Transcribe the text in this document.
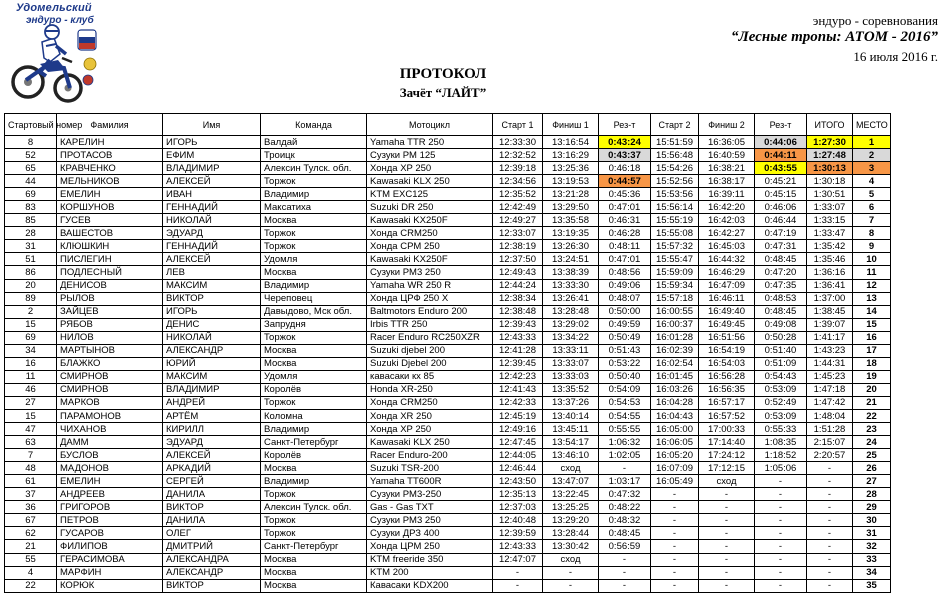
Удомельский
эндуро - клуб	эндуро - соревнования
“Лесные тропы: АТОМ - 2016”
16 июля 2016 г.
ПРОТОКОЛ
Зачёт “ЛАЙТ”
Стартовый номер	Фамилия	Имя	Команда	Мотоцикл	Старт 1	Финиш 1	Рез-т	Старт 2	Финиш 2	Рез-т	ИТОГО	МЕСТО
8	КАРЕЛИН	ИГОРЬ	Валдай	Yamaha TTR 250	12:33:30	13:16:54	0:43:24	15:51:59	16:36:05	0:44:06	1:27:30	1
52	ПРОТАСОВ	ЕФИМ	Троицк	Сузуки PM 125	12:32:52	13:16:29	0:43:37	15:56:48	16:40:59	0:44:11	1:27:48	2
65	КРАВЧЕНКО	ВЛАДИМИР	Алексин Тулск. обл.	Хонда XP 250	12:39:18	13:25:36	0:46:18	15:54:26	16:38:21	0:43:55	1:30:13	3
44	МЕЛЬНИКОВ	АЛЕКСЕЙ	Торжок	Kawasaki KLX 250	12:34:56	13:19:53	0:44:57	15:52:56	16:38:17	0:45:21	1:30:18	4
69	ЕМЕЛИН	ИВАН	Владимир	KTM EXC125	12:35:52	13:21:28	0:45:36	15:53:56	16:39:11	0:45:15	1:30:51	5
83	КОРШУНОВ	ГЕННАДИЙ	Максатиха	Suzuki DR 250	12:42:49	13:29:50	0:47:01	15:56:14	16:42:20	0:46:06	1:33:07	6
85	ГУСЕВ	НИКОЛАЙ	Москва	Kawasaki KX250F	12:49:27	13:35:58	0:46:31	15:55:19	16:42:03	0:46:44	1:33:15	7
28	ВАШЕСТОВ	ЭДУАРД	Торжок	Хонда CRM250	12:33:07	13:19:35	0:46:28	15:55:08	16:42:27	0:47:19	1:33:47	8
31	КЛЮШКИН	ГЕННАДИЙ	Торжок	Хонда CPM 250	12:38:19	13:26:30	0:48:11	15:57:32	16:45:03	0:47:31	1:35:42	9
51	ПИСЛЕГИН	АЛЕКСЕЙ	Удомля	Kawasaki KX250F	12:37:50	13:24:51	0:47:01	15:55:47	16:44:32	0:48:45	1:35:46	10
86	ПОДЛЕСНЫЙ	ЛЕВ	Москва	Сузуки PM3 250	12:49:43	13:38:39	0:48:56	15:59:09	16:46:29	0:47:20	1:36:16	11
20	ДЕНИСОВ	МАКСИМ	Владимир	Yamaha WR 250 R	12:44:24	13:33:30	0:49:06	15:59:34	16:47:09	0:47:35	1:36:41	12
89	РЫЛОВ	ВИКТОР	Череповец	Хонда ЦРФ 250 Х	12:38:34	13:26:41	0:48:07	15:57:18	16:46:11	0:48:53	1:37:00	13
2	ЗАЙЦЕВ	ИГОРЬ	Давыдово, Мск обл.	Baltmotors Enduro 200	12:38:48	13:28:48	0:50:00	16:00:55	16:49:40	0:48:45	1:38:45	14
15	РЯБОВ	ДЕНИС	Запрудня	Irbis TTR 250	12:39:43	13:29:02	0:49:59	16:00:37	16:49:45	0:49:08	1:39:07	15
69	НИЛОВ	НИКОЛАЙ	Торжок	Racer Enduro RC250XZR	12:43:33	13:34:22	0:50:49	16:01:28	16:51:56	0:50:28	1:41:17	16
34	МАРТЫНОВ	АЛЕКСАНДР	Москва	Suzuki djebel 200	12:41:28	13:33:11	0:51:43	16:02:39	16:54:19	0:51:40	1:43:23	17
16	БЛАЖКО	ЮРИЙ	Москва	Suzuki Djebel 200	12:39:45	13:33:07	0:53:22	16:02:54	16:54:03	0:51:09	1:44:31	18
11	СМИРНОВ	МАКСИМ	Удомля	кавасаки кх 85	12:42:23	13:33:03	0:50:40	16:01:45	16:56:28	0:54:43	1:45:23	19
46	СМИРНОВ	ВЛАДИМИР	Королёв	Honda XR-250	12:41:43	13:35:52	0:54:09	16:03:26	16:56:35	0:53:09	1:47:18	20
27	МАРКОВ	АНДРЕЙ	Торжок	Хонда CRM250	12:42:33	13:37:26	0:54:53	16:04:28	16:57:17	0:52:49	1:47:42	21
15	ПАРАМОНОВ	АРТЁМ	Коломна	Хонда XR 250	12:45:19	13:40:14	0:54:55	16:04:43	16:57:52	0:53:09	1:48:04	22
47	ЧИХАНОВ	КИРИЛЛ	Владимир	Хонда XP 250	12:49:16	13:45:11	0:55:55	16:05:00	17:00:33	0:55:33	1:51:28	23
63	ДАММ	ЭДУАРД	Санкт-Петербург	Kawasaki KLX 250	12:47:45	13:54:17	1:06:32	16:06:05	17:14:40	1:08:35	2:15:07	24
7	БУСЛОВ	АЛЕКСЕЙ	Королёв	Racer Enduro-200	12:44:05	13:46:10	1:02:05	16:05:20	17:24:12	1:18:52	2:20:57	25
48	МАДОНОВ	АРКАДИЙ	Москва	Suzuki TSR-200	12:46:44	сход	-	16:07:09	17:12:15	1:05:06	-	26
61	ЕМЕЛИН	СЕРГЕЙ	Владимир	Yamaha TT600R	12:43:50	13:47:07	1:03:17	16:05:49	сход	-	-	27
37	АНДРЕЕВ	ДАНИЛА	Торжок	Сузуки PM3-250	12:35:13	13:22:45	0:47:32	-	-	-	-	28
36	ГРИГОРОВ	ВИКТОР	Алексин Тулск. обл.	Gas - Gas TXT	12:37:03	13:25:25	0:48:22	-	-	-	-	29
67	ПЕТРОВ	ДАНИЛА	Торжок	Сузуки PM3 250	12:40:48	13:29:20	0:48:32	-	-	-	-	30
62	ГУСАРОВ	ОЛЕГ	Торжок	Сузуки ДРЗ 400	12:39:59	13:28:44	0:48:45	-	-	-	-	31
21	ФИЛИПОВ	ДМИТРИЙ	Санкт-Петербург	Хонда ЦРМ 250	12:43:33	13:30:42	0:56:59	-	-	-	-	32
55	ГЕРАСИМОВА	АЛЕКСАНДРА	Москва	KTM freeride 350	12:47:07	сход	-	-	-	-	-	33
4	МАРФИН	АЛЕКСАНДР	Москва	KTM 200	-	-	-	-	-	-	-	34
22	КОРЮК	ВИКТОР	Москва	Кавасаки KDX200	-	-	-	-	-	-	-	35
